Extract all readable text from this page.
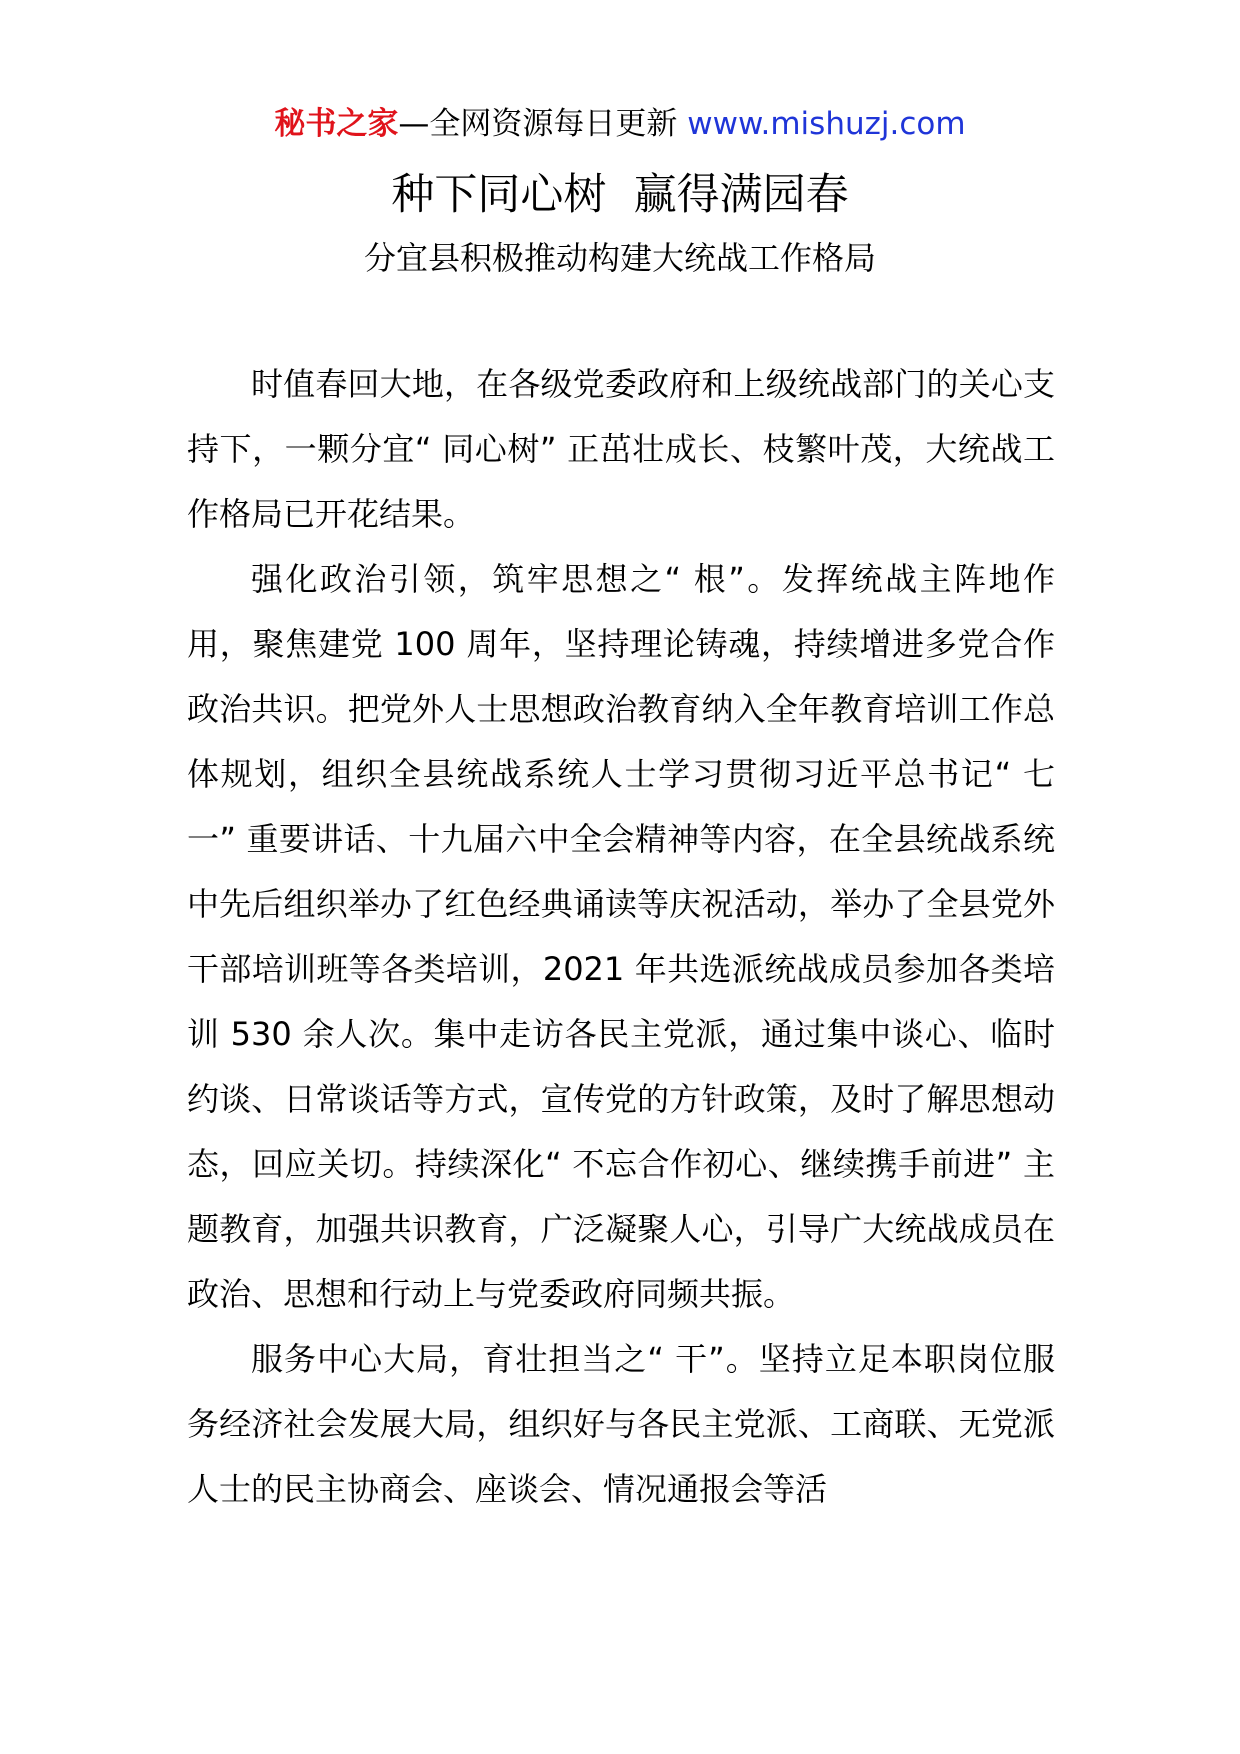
秘书之家—全网资源每日更新 www.mishuzj.com
种下同心树  赢得满园春
分宜县积极推动构建大统战工作格局

时值春回大地，在各级党委政府和上级统战部门的关心支持下，一颗分宜“ 同心树” 正茁壮成长、枝繁叶茂，大统战工作格局已开花结果。

强化政治引领，筑牢思想之“ 根”。发挥统战主阵地作用，聚焦建党 100 周年，坚持理论铸魂，持续增进多党合作政治共识。把党外人士思想政治教育纳入全年教育培训工作总体规划，组织全县统战系统人士学习贯彻习近平总书记“ 七一” 重要讲话、十九届六中全会精神等内容，在全县统战系统中先后组织举办了红色经典诵读等庆祝活动，举办了全县党外干部培训班等各类培训，2021 年共选派统战成员参加各类培训 530 余人次。集中走访各民主党派，通过集中谈心、临时约谈、日常谈话等方式，宣传党的方针政策，及时了解思想动态，回应关切。持续深化“ 不忘合作初心、继续携手前进” 主题教育，加强共识教育，广泛凝聚人心，引导广大统战成员在政治、思想和行动上与党委政府同频共振。

服务中心大局，育壮担当之“ 干”。坚持立足本职岗位服务经济社会发展大局，组织好与各民主党派、工商联、无党派人士的民主协商会、座谈会、情况通报会等活
